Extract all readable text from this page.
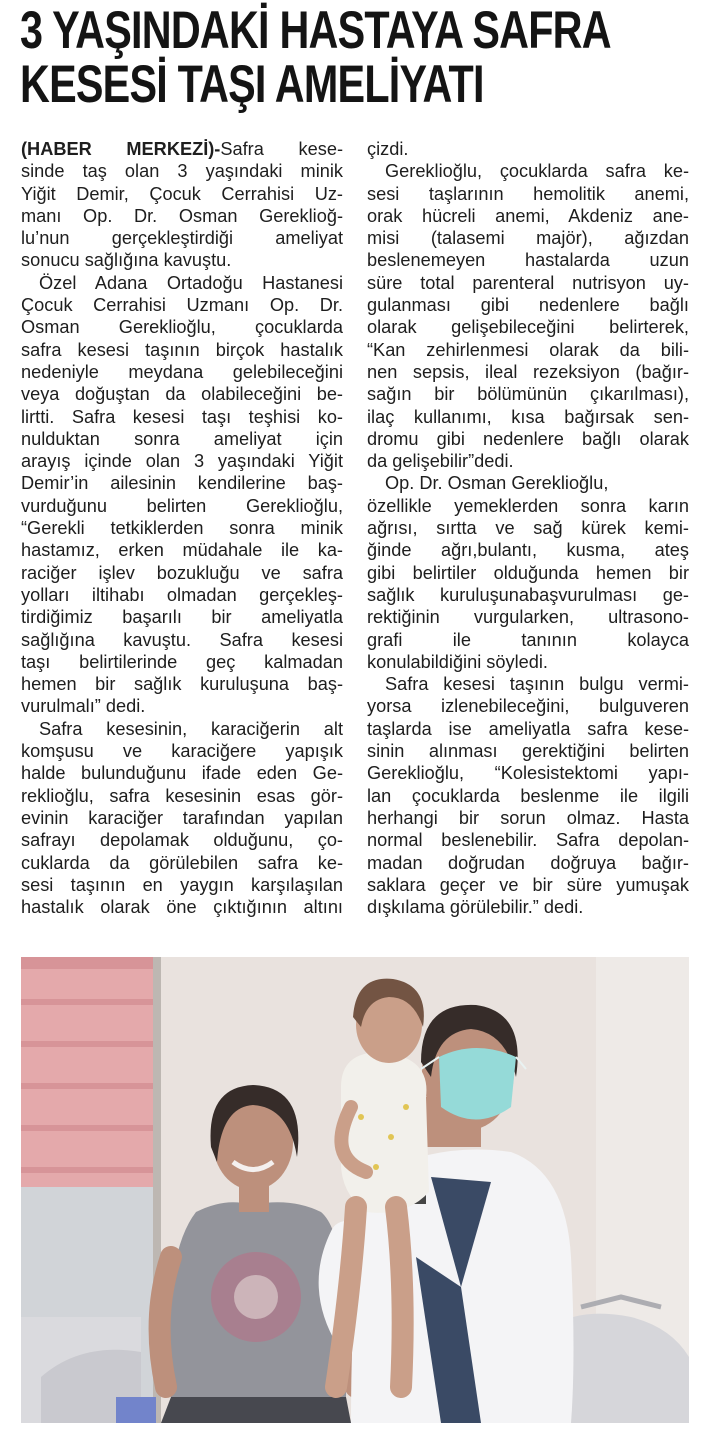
3 YAŞINDAKİ HASTAYA SAFRA
KESESİ TAŞI AMELİYATI
(HABER MERKEZİ)-Safra kese-
sinde taş olan 3 yaşındaki minik
Yiğit Demir, Çocuk Cerrahisi Uz-
manı Op. Dr. Osman Gereklioğ-
lu’nun gerçekleştirdiği ameliyat
sonucu sağlığına kavuştu.
Özel Adana Ortadoğu Hastanesi
Çocuk Cerrahisi Uzmanı Op. Dr.
Osman Gereklioğlu, çocuklarda
safra kesesi taşının birçok hastalık
nedeniyle meydana gelebileceğini
veya doğuştan da olabileceğini be-
lirtti. Safra kesesi taşı teşhisi ko-
nulduktan sonra ameliyat için
arayış içinde olan 3 yaşındaki Yiğit
Demir’in ailesinin kendilerine baş-
vurduğunu belirten Gereklioğlu,
“Gerekli tetkiklerden sonra minik
hastamız, erken müdahale ile ka-
raciğer işlev bozukluğu ve safra
yolları iltihabı olmadan gerçekleş-
tirdiğimiz başarılı bir ameliyatla
sağlığına kavuştu. Safra kesesi
taşı belirtilerinde geç kalmadan
hemen bir sağlık kuruluşuna baş-
vurulmalı” dedi.
Safra kesesinin, karaciğerin alt
komşusu ve karaciğere yapışık
halde bulunduğunu ifade eden Ge-
reklioğlu, safra kesesinin esas gör-
evinin karaciğer tarafından yapılan
safrayı depolamak olduğunu, ço-
cuklarda da görülebilen safra ke-
sesi taşının en yaygın karşılaşılan
hastalık olarak öne çıktığının altını
çizdi.
Gereklioğlu, çocuklarda safra ke-
sesi taşlarının hemolitik anemi,
orak hücreli anemi, Akdeniz ane-
misi (talasemi majör), ağızdan
beslenemeyen hastalarda uzun
süre total parenteral nutrisyon uy-
gulanması gibi nedenlere bağlı
olarak gelişebileceğini belirterek,
“Kan zehirlenmesi olarak da bili-
nen sepsis, ileal rezeksiyon (bağır-
sağın bir bölümünün çıkarılması),
ilaç kullanımı, kısa bağırsak sen-
dromu gibi nedenlere bağlı olarak
da gelişebilir”dedi.
Op. Dr. Osman Gereklioğlu,
özellikle yemeklerden sonra karın
ağrısı, sırtta ve sağ kürek kemi-
ğinde ağrı,bulantı, kusma, ateş
gibi belirtiler olduğunda hemen bir
sağlık kuruluşunabaşvurulması ge-
rektiğinin vurgularken, ultrasono-
grafi ile tanının kolayca
konulabildiğini söyledi.
Safra kesesi taşının bulgu vermi-
yorsa izlenebileceğini, bulguveren
taşlarda ise ameliyatla safra kese-
sinin alınması gerektiğini belirten
Gereklioğlu, “Kolesistektomi yapı-
lan çocuklarda beslenme ile ilgili
herhangi bir sorun olmaz. Hasta
normal beslenebilir. Safra depolan-
madan doğrudan doğruya bağır-
saklara geçer ve bir süre yumuşak
dışkılama görülebilir.” dedi.
